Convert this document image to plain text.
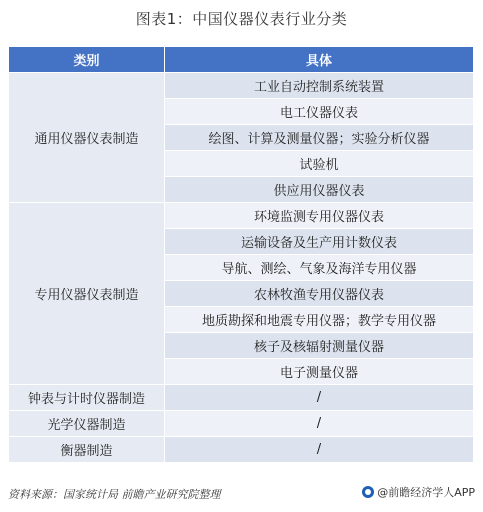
图表1：中国仪器仪表行业分类
类别	具体
通用仪器仪表制造	工业自动控制系统装置
	电工仪器仪表
	绘图、计算及测量仪器；实验分析仪器
	试验机
	供应用仪器仪表
专用仪器仪表制造	环境监测专用仪器仪表
	运输设备及生产用计数仪表
	导航、测绘、气象及海洋专用仪器
	农林牧渔专用仪器仪表
	地质勘探和地震专用仪器；教学专用仪器
	核子及核辐射测量仪器
	电子测量仪器
钟表与计时仪器制造	/
光学仪器制造	/
衡器制造	/
资料来源：国家统计局 前瞻产业研究院整理	@前瞻经济学人APP
